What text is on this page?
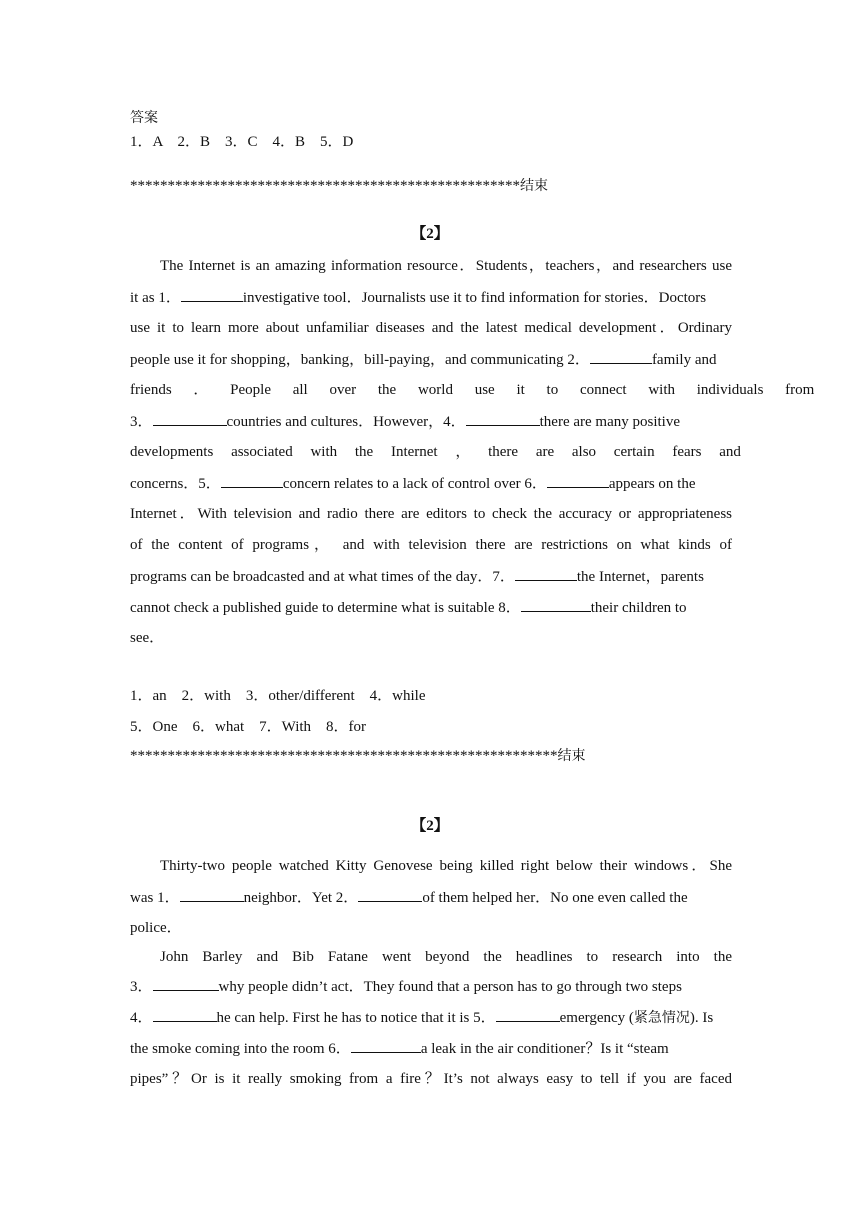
答案
1．A　2．B　3．C　4．B　5．D
****************************************************结束
【2】
The Internet is an amazing information resource．Students，teachers，and researchers use
it as 1．	investigative tool．Journalists use it to find information for stories．Doctors
use it to learn more about unfamiliar diseases and the latest medical development．Ordinary
people use it for shopping，banking，bill-paying，and communicating 2．	family and
friends ． People all over the world use it to connect with individuals from
3．	countries and cultures．However，4．	there are many positive
developments associated with the Internet ， there are also certain fears and
concerns．5．	concern relates to a lack of control over 6．	appears on the
Internet．With television and radio there are editors to check the accuracy or appropriateness
of the content of programs， and with television there are restrictions on what kinds of
programs can be broadcasted and at what times of the day．7．	the Internet，parents
cannot check a published guide to determine what is suitable 8．	their children to
see．
1．an　2．with　3．other/different　4．while
5．One　6．what　7．With　8．for
*********************************************************结束
【2】
Thirty-two people watched Kitty Genovese being killed right below their windows．She
was 1．	neighbor．Yet 2．	of them helped her．No one even called the
police．
John Barley and Bib Fatane went beyond the headlines to research into the
3．	why people didn’t act．They found that a person has to go through two steps
4．	he can help. First he has to notice that it is 5．	emergency (紧急情况). Is
the smoke coming into the room 6．	a leak in the air conditioner？Is it “steam
pipes”？Or is it really smoking from a fire？It’s not always easy to tell if you are faced
